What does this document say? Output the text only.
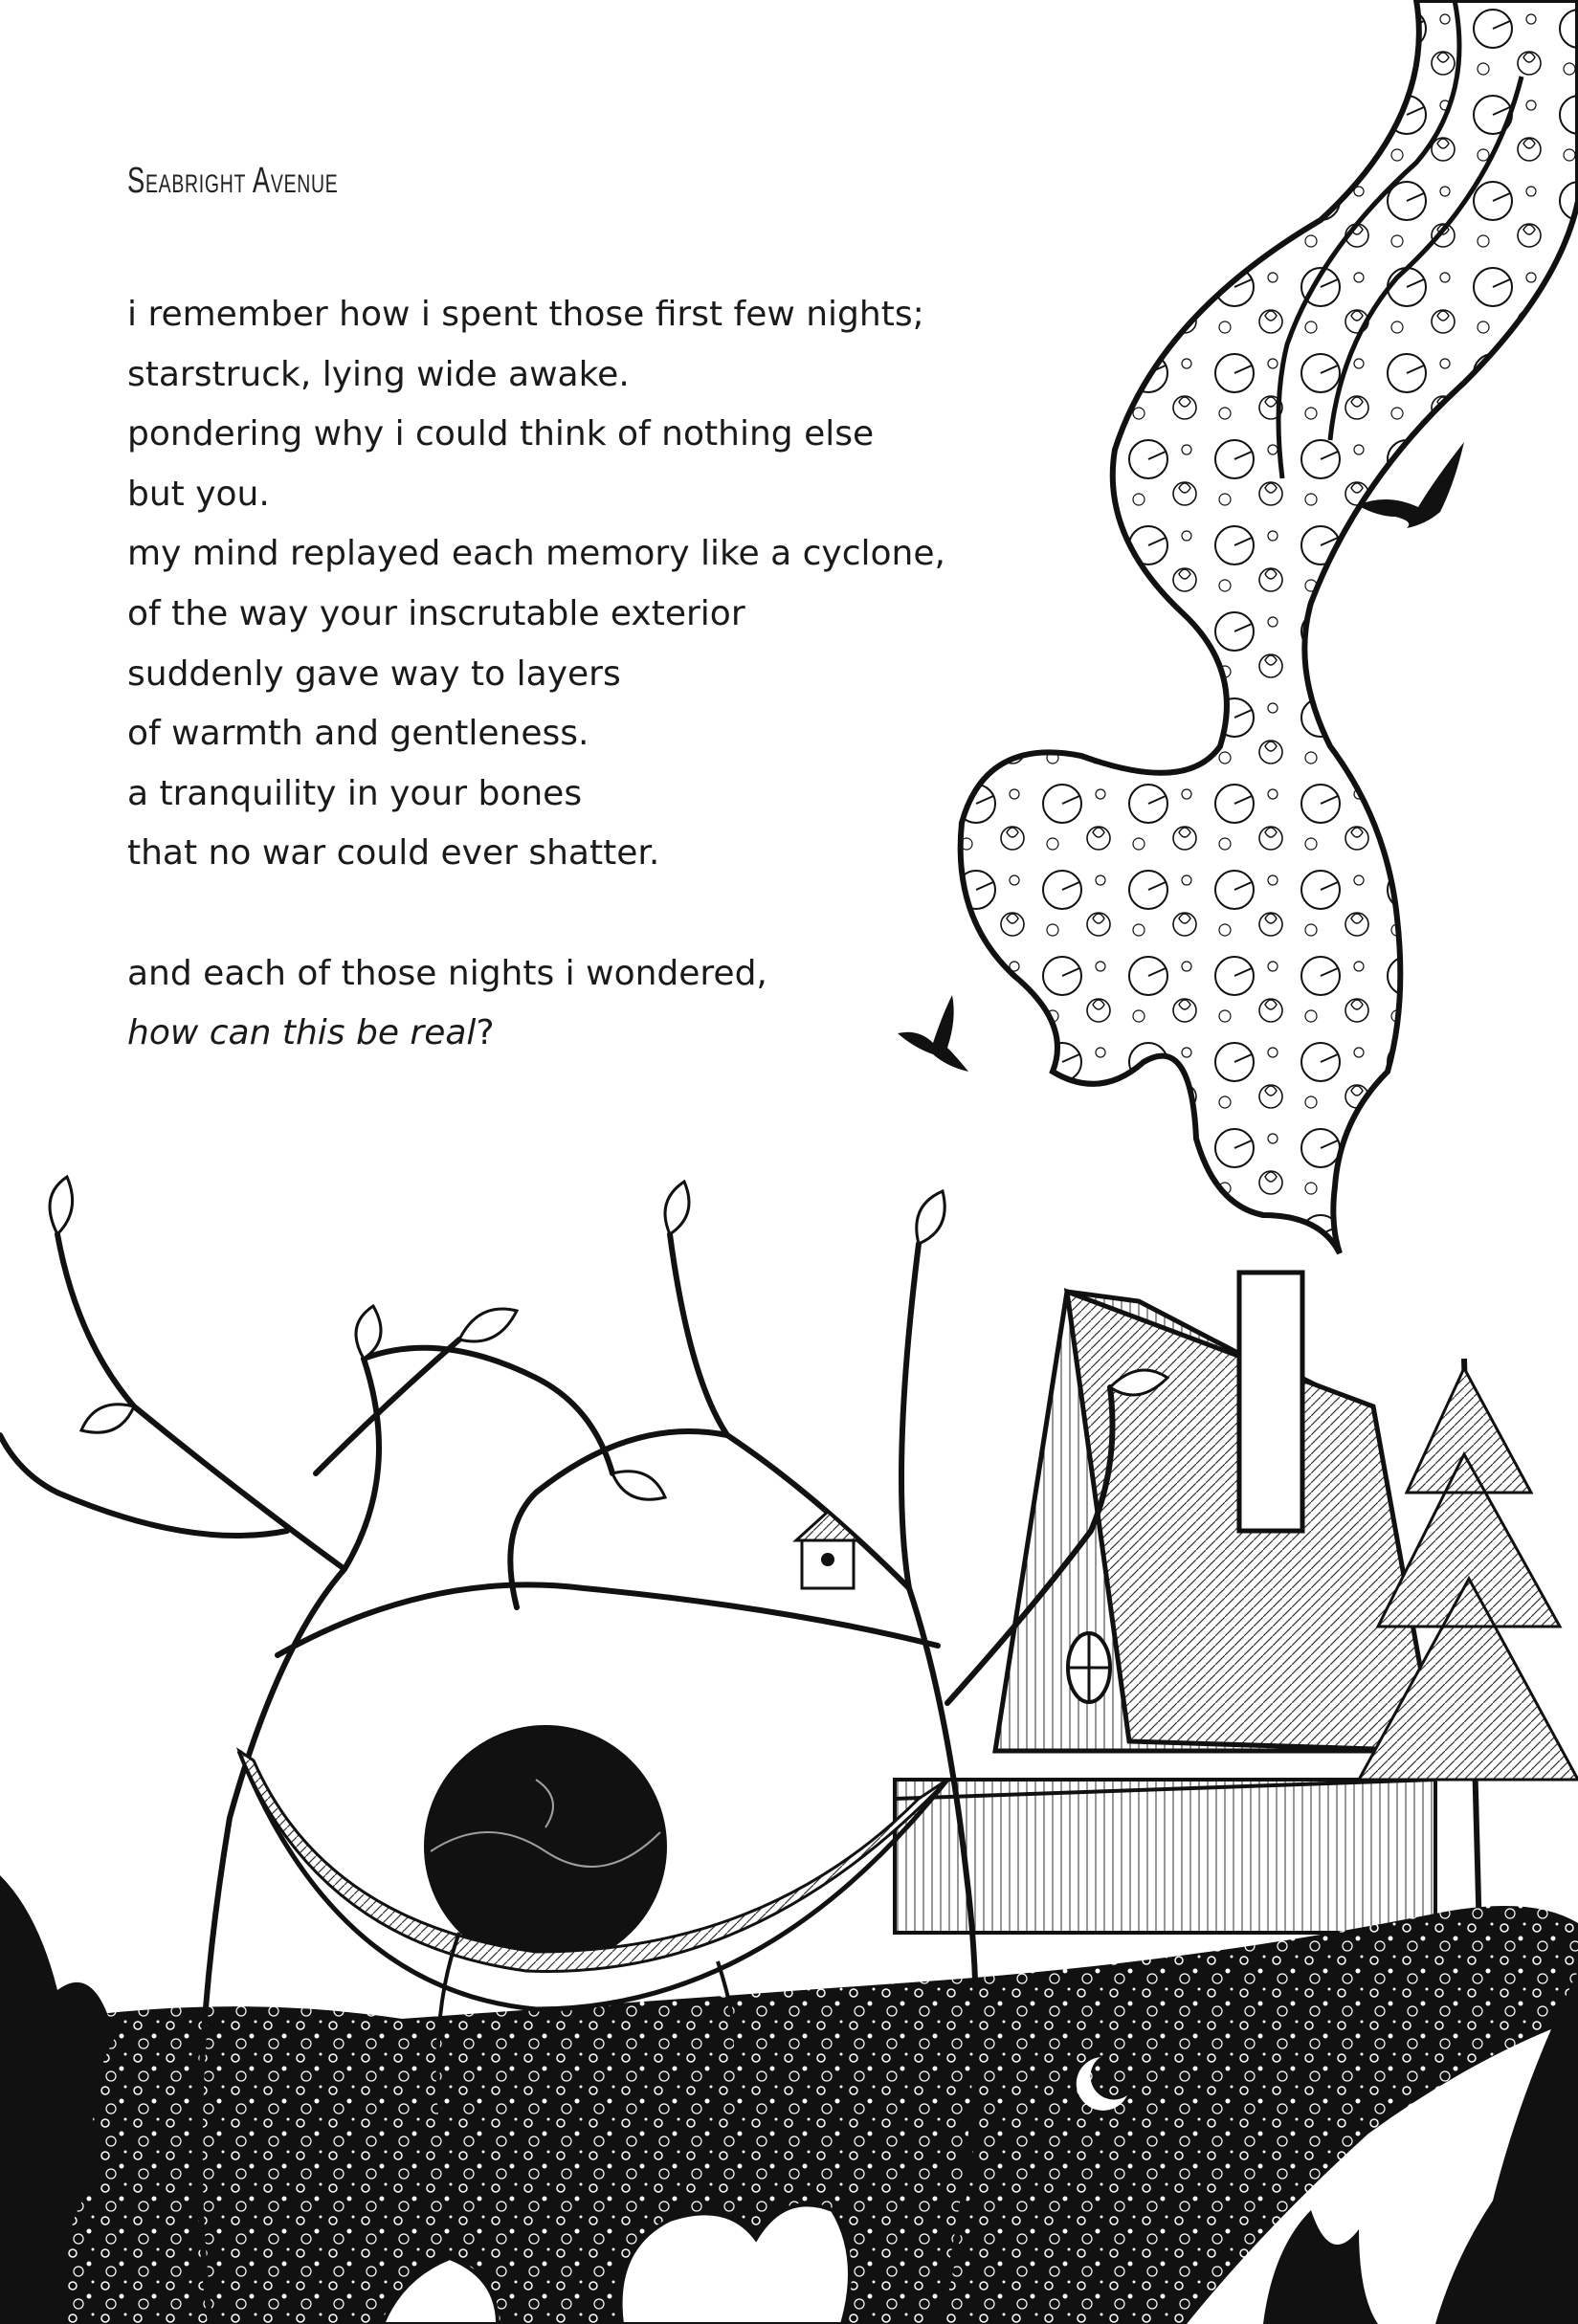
Seabright Avenue
i remember how i spent those first few nights;
starstruck, lying wide awake.
pondering why i could think of nothing else
but you.
my mind replayed each memory like a cyclone,
of the way your inscrutable exterior
suddenly gave way to layers
of warmth and gentleness.
a tranquility in your bones
that no war could ever shatter.
and each of those nights i wondered,
how can this be real?
